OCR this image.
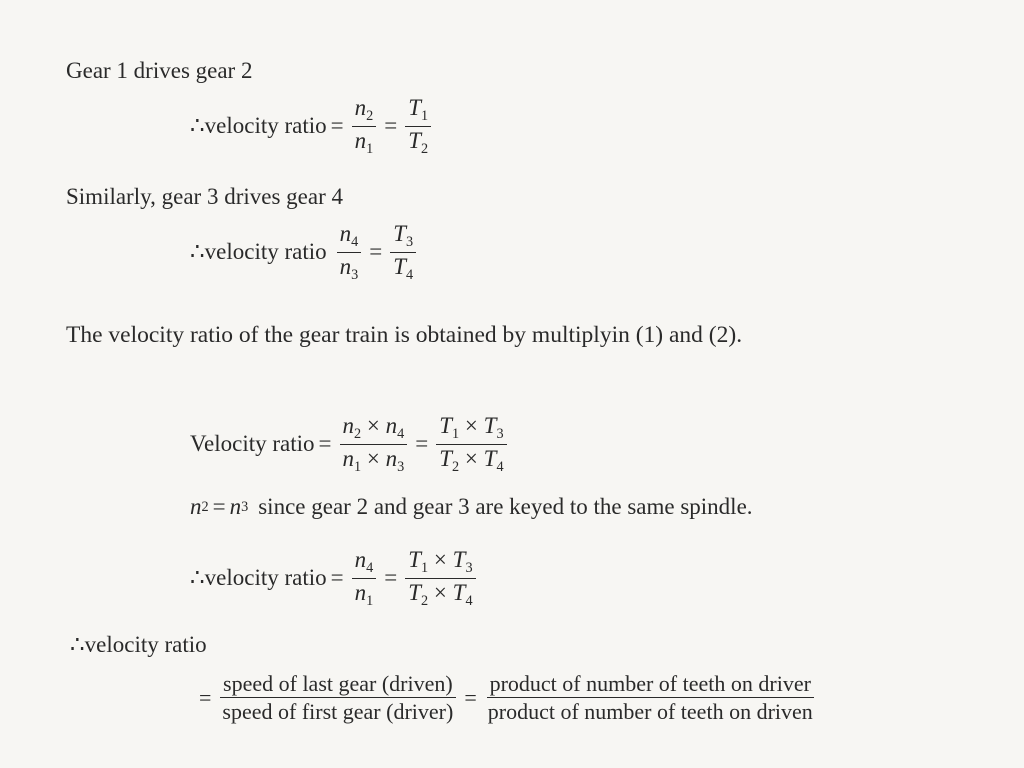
Gear 1 drives gear 2
∴ velocity ratio = $\frac{n_2}{n_1} = \frac{T_1}{T_2}$
Similarly, gear 3 drives gear 4
∴ velocity ratio $\frac{n_4}{n_3} = \frac{T_3}{T_4}$
The velocity ratio of the gear train is obtained by multiplyin (1) and (2).
Velocity ratio = $\frac{n_2 \times n_4}{n_1 \times n_3} = \frac{T_1 \times T_3}{T_2 \times T_4}$
n 2 = n 3 since gear 2 and gear 3 are keyed to the same spindle.
∴ velocity ratio = $\frac{n_4}{n_1} = \frac{T_1 \times T_3}{T_2 \times T_4}$
∴ velocity ratio
= $\frac{\text{speed of last gear (driven)}}{\text{speed of first gear (driver)}} = \frac{\text{product of number of teeth on driver}}{\text{product of number of teeth on driven}}$
